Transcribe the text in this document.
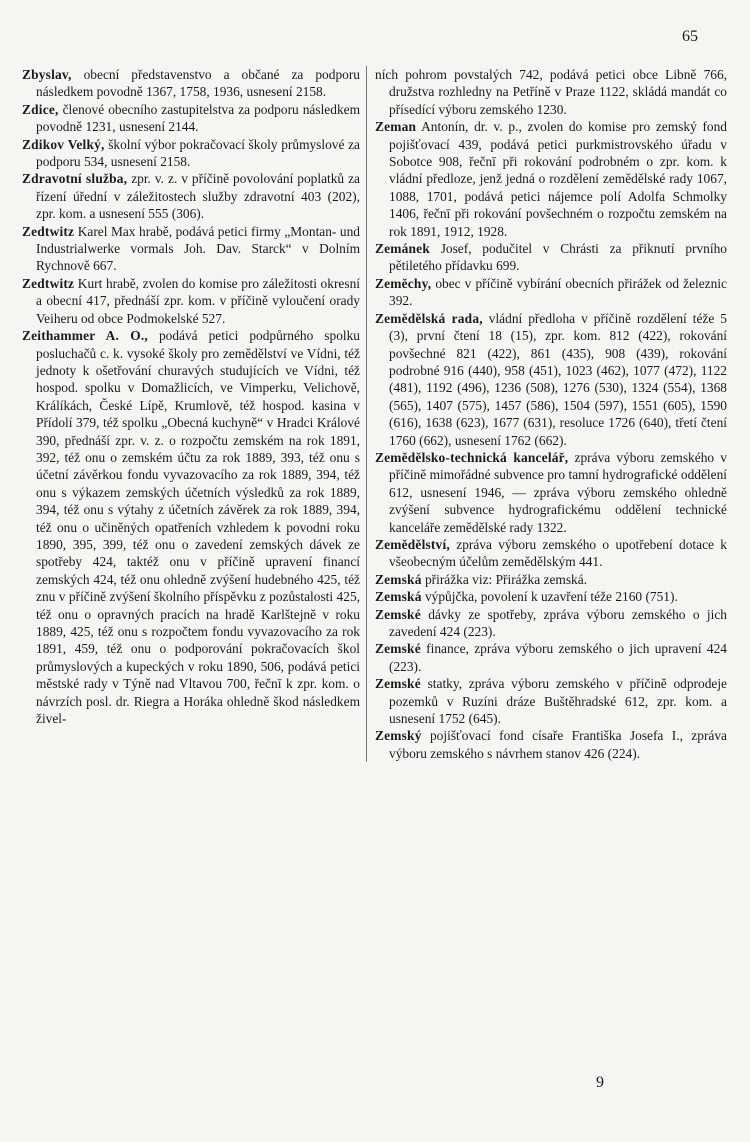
65

Zbyslav, obecní představenstvo a občané za podporu následkem povodně 1367, 1758, 1936, usnesení 2158.

Zdice, členové obecního zastupitelstva za podporu následkem povodně 1231, usnesení 2144.

Zdikov Velký, školní výbor pokračovací školy průmyslové za podporu 534, usnesení 2158.

Zdravotní služba, zpr. v. z. v příčině povolování poplatků za řízení úřední v záležitostech služby zdravotní 403 (202), zpr. kom. a usnesení 555 (306).

Zedtwitz Karel Max hrabě, podává petici firmy „Montan- und Industrialwerke vormals Joh. Dav. Starck“ v Dolním Rychnově 667.

Zedtwitz Kurt hrabě, zvolen do komise pro záležitosti okresní a obecní 417, přednáší zpr. kom. v příčině vyloučení orady Veiheru od obce Podmokelské 527.

Zeithammer A. O., podává petici podpůrného spolku posluchačů c. k. vysoké školy pro zemědělství ve Vídni, též jednoty k ošetřování churavých studujících ve Vídni, též hospod. spolku v Domažlicích, ve Vimperku, Velichově, Králíkách, České Lípě, Krumlově, též hospod. kasina v Přídolí 379, též spolku „Obecná kuchyně“ v Hradci Králové 390, přednáší zpr. v. z. o rozpočtu zemském na rok 1891, 392, též onu o zemském účtu za rok 1889, 393, též onu s účetní závěrkou fondu vyvazovacího za rok 1889, 394, též onu s výkazem zemských účetních výsledků za rok 1889, 394, též onu s výtahy z účetních závěrek za rok 1889, 394, též onu o učiněných opatřeních vzhledem k povodni roku 1890, 395, 399, též onu o zavedení zemských dávek ze spotřeby 424, taktéž onu v příčině upravení financí zemských 424, též onu ohledně zvýšení hudebného 425, též znu v příčině zvýšení školního příspěvku z pozůstalosti 425, též onu o opravných pracích na hradě Karlštejně v roku 1889, 425, též onu s rozpočtem fondu vyvazovacího za rok 1891, 459, též onu o podporování pokračovacích škol průmyslových a kupeckých v roku 1890, 506, podává petici městské rady v Týně nad Vltavou 700, řečnī k zpr. kom. o návrzích posl. dr. Riegra a Horáka ohledně škod následkem živel-

ních pohrom povstalých 742, podává petici obce Libně 766, družstva rozhledny na Petříně v Praze 1122, skládá mandát co přísedící výboru zemského 1230.

Zeman Antonín, dr. v. p., zvolen do komise pro zemský fond pojišťovací 439, podává petici purkmistrovského úřadu v Sobotce 908, řečnī při rokování podrobném o zpr. kom. k vládní předloze, jenž jedná o rozdělení zemědělské rady 1067, 1088, 1701, podává petici nájemce polí Adolfa Schmolky 1406, řečnī při rokování povšechném o rozpočtu zemském na rok 1891, 1912, 1928.

Zemánek Josef, podučitel v Chrásti za přiknutí prvního pětiletého přídavku 699.

Zeměchy, obec v příčině vybírání obecních přirážek od železnic 392.

Zemědělská rada, vládní předloha v příčině rozdělení téže 5 (3), první čtení 18 (15), zpr. kom. 812 (422), rokování povšechné 821 (422), 861 (435), 908 (439), rokování podrobné 916 (440), 958 (451), 1023 (462), 1077 (472), 1122 (481), 1192 (496), 1236 (508), 1276 (530), 1324 (554), 1368 (565), 1407 (575), 1457 (586), 1504 (597), 1551 (605), 1590 (616), 1638 (623), 1677 (631), resoluce 1726 (640), třetí čtení 1760 (662), usnesení 1762 (662).

Zemědělsko-technická kancelář, zpráva výboru zemského v příčině mimořádné subvence pro tamní hydrografické oddělení 612, usnesení 1946, — zpráva výboru zemského ohledně zvýšení subvence hydrografickému oddělení technické kanceláře zemědělské rady 1322.

Zemědělství, zpráva výboru zemského o upotřebení dotace k všeobecným účelům zemědělským 441.

Zemská přirážka viz: Přirážka zemská.

Zemská výpůjčka, povolení k uzavření téže 2160 (751).

Zemské dávky ze spotřeby, zpráva výboru zemského o jich zavedení 424 (223).

Zemské finance, zpráva výboru zemského o jich upravení 424 (223).

Zemské statky, zpráva výboru zemského v příčině odprodeje pozemků v Ruzíni dráze Buštěhradské 612, zpr. kom. a usnesení 1752 (645).

Zemský pojišťovací fond císaře Františka Josefa I., zpráva výboru zemského s návrhem stanov 426 (224).

9
